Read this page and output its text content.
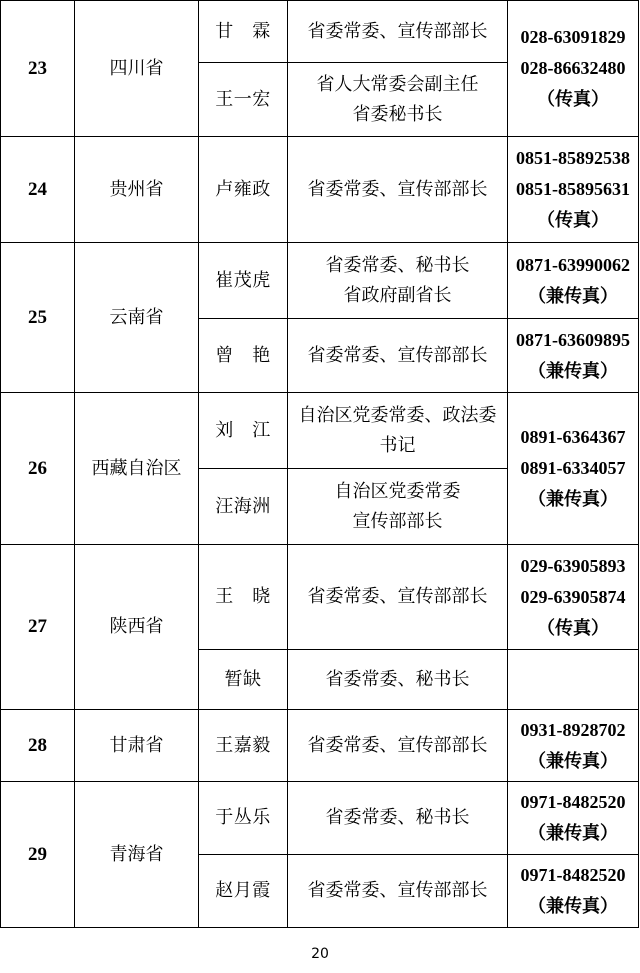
23	四川省	甘　霖	省委常委、宣传部部长	028-63091829
028-86632480
（传真）
		王一宏	省人大常委会副主任
省委秘书长	
24	贵州省	卢雍政	省委常委、宣传部部长	0851-85892538
0851-85895631
（传真）
25	云南省	崔茂虎	省委常委、秘书长
省政府副省长	0871-63990062
（兼传真）
		曾　艳	省委常委、宣传部部长	0871-63609895
（兼传真）
26	西藏自治区	刘　江	自治区党委常委、政法委
书记	0891-6364367
0891-6334057
（兼传真）
		汪海洲	自治区党委常委
宣传部部长	
27	陕西省	王　晓	省委常委、宣传部部长	029-63905893
029-63905874
（传真）
		暂缺	省委常委、秘书长	
28	甘肃省	王嘉毅	省委常委、宣传部部长	0931-8928702
（兼传真）
29	青海省	于丛乐	省委常委、秘书长	0971-8482520
（兼传真）
		赵月霞	省委常委、宣传部部长	0971-8482520
（兼传真）
20
